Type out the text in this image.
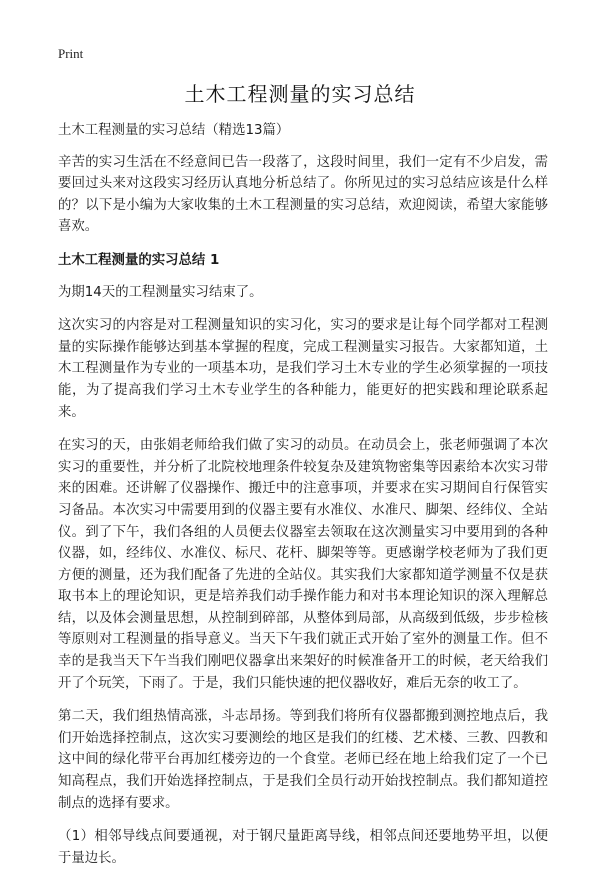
Print
土木工程测量的实习总结

土木工程测量的实习总结（精选13篇）

辛苦的实习生活在不经意间已告一段落了，这段时间里，我们一定有不少启发，需要回过头来对这段实习经历认真地分析总结了。你所见过的实习总结应该是什么样的？以下是小编为大家收集的土木工程测量的实习总结，欢迎阅读，希望大家能够喜欢。

土木工程测量的实习总结 1

为期14天的工程测量实习结束了。

这次实习的内容是对工程测量知识的实习化，实习的要求是让每个同学都对工程测量的实际操作能够达到基本掌握的程度，完成工程测量实习报告。大家都知道，土木工程测量作为专业的一项基本功，是我们学习土木专业的学生必须掌握的一项技能，为了提高我们学习土木专业学生的各种能力，能更好的把实践和理论联系起来。

在实习的天，由张娟老师给我们做了实习的动员。在动员会上，张老师强调了本次实习的重要性，并分析了北院校地理条件较复杂及建筑物密集等因素给本次实习带来的困难。还讲解了仪器操作、搬迁中的注意事项，并要求在实习期间自行保管实习备品。本次实习中需要用到的仪器主要有水准仪、水准尺、脚架、经纬仪、全站仪。到了下午，我们各组的人员便去仪器室去领取在这次测量实习中要用到的各种仪器，如，经纬仪、水准仪、标尺、花杆、脚架等等。更感谢学校老师为了我们更方便的测量，还为我们配备了先进的全站仪。其实我们大家都知道学测量不仅是获取书本上的理论知识，更是培养我们动手操作能力和对书本理论知识的深入理解总结，以及体会测量思想，从控制到碎部，从整体到局部，从高级到低级，步步检核等原则对工程测量的指导意义。当天下午我们就正式开始了室外的测量工作。但不幸的是我当天下午当我们刚吧仪器拿出来架好的时候准备开工的时候，老天给我们开了个玩笑，下雨了。于是，我们只能快速的把仪器收好，难后无奈的收工了。

第二天，我们组热情高涨，斗志昂扬。等到我们将所有仪器都搬到测控地点后，我们开始选择控制点，这次实习要测绘的地区是我们的红楼、艺术楼、三教、四教和这中间的绿化带平台再加红楼旁边的一个食堂。老师已经在地上给我们定了一个已知高程点，我们开始选择控制点，于是我们全员行动开始找控制点。我们都知道控制点的选择有要求。

（1）相邻导线点间要通视，对于钢尺量距离导线，相邻点间还要地势平坦，以便于量边长。
